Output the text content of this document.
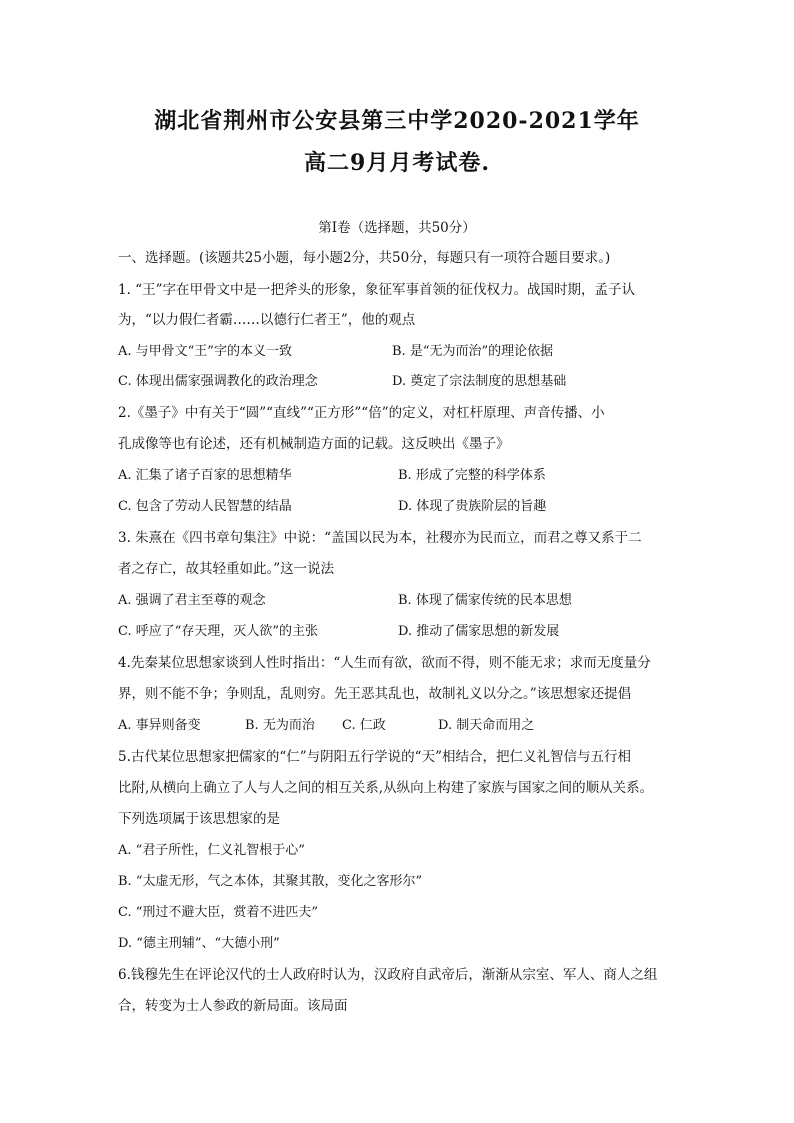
湖北省荆州市公安县第三中学2020-2021学年
高二9月月考试卷.
第Ⅰ卷（选择题，共50分）
一、选择题。(该题共25小题，每小题2分，共50分，每题只有一项符合题目要求。)
1. “王”字在甲骨文中是一把斧头的形象，象征军事首领的征伐权力。战国时期，孟子认
为，“以力假仁者霸……以德行仁者王”，他的观点
A. 与甲骨文“王”字的本义一致	B. 是“无为而治”的理论依据
C. 体现出儒家强调教化的政治理念	D. 奠定了宗法制度的思想基础
2.《墨子》中有关于“圆”“直线”“正方形”“倍”的定义，对杠杆原理、声音传播、小
孔成像等也有论述，还有机械制造方面的记载。这反映出《墨子》
A. 汇集了诸子百家的思想精华	B. 形成了完整的科学体系
C. 包含了劳动人民智慧的结晶	D. 体现了贵族阶层的旨趣
3. 朱熹在《四书章句集注》中说：“盖国以民为本，社稷亦为民而立，而君之尊又系于二
者之存亡，故其轻重如此。”这一说法
A. 强调了君主至尊的观念	B. 体现了儒家传统的民本思想
C. 呼应了“存天理，灭人欲”的主张	D. 推动了儒家思想的新发展
4.先秦某位思想家谈到人性时指出：“人生而有欲，欲而不得，则不能无求；求而无度量分
界，则不能不争；争则乱，乱则穷。先王恶其乱也，故制礼义以分之。”该思想家还提倡
A. 事异则备变	B. 无为而治 C. 仁政	D. 制天命而用之
5.古代某位思想家把儒家的“仁”与阴阳五行学说的“天”相结合，把仁义礼智信与五行相
比附,从横向上确立了人与人之间的相互关系,从纵向上构建了家族与国家之间的顺从关系。
下列选项属于该思想家的是
A. “君子所性，仁义礼智根于心”
B. “太虚无形，气之本体，其聚其散，变化之客形尔”
C. “刑过不避大臣，赏着不进匹夫”
D. “德主刑辅”、“大德小刑”
6.钱穆先生在评论汉代的士人政府时认为，汉政府自武帝后，渐渐从宗室、军人、商人之组
合，转变为士人参政的新局面。该局面
